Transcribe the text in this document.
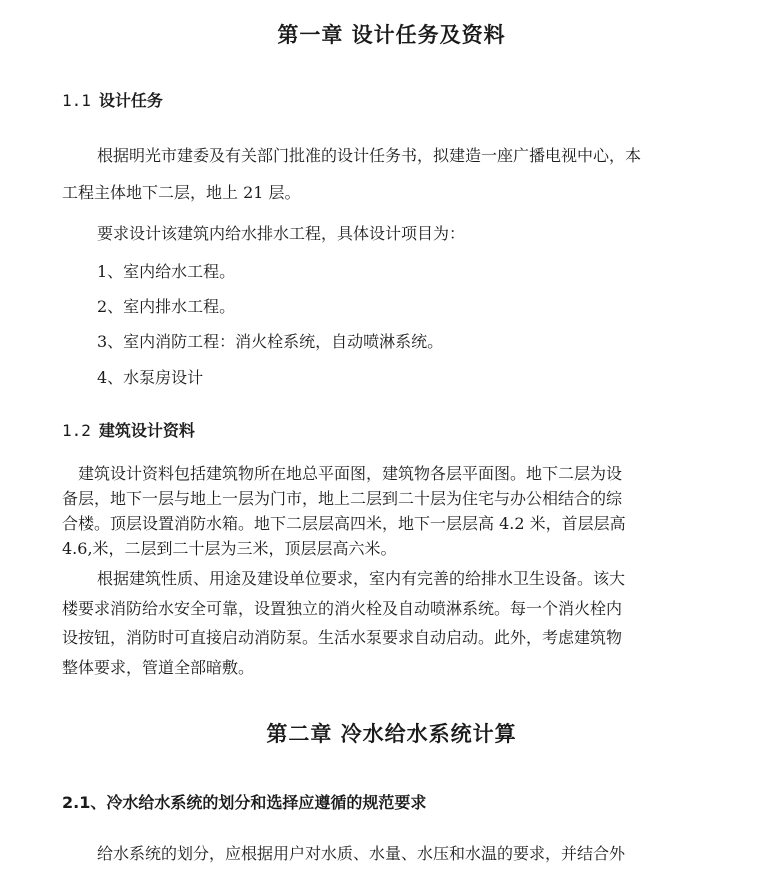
第一章 设计任务及资料
1.1 设计任务
根据明光市建委及有关部门批准的设计任务书，拟建造一座广播电视中心，本
工程主体地下二层，地上 21 层。
要求设计该建筑内给水排水工程，具体设计项目为：
1、室内给水工程。
2、室内排水工程。
3、室内消防工程：消火栓系统，自动喷淋系统。
4、水泵房设计
1.2 建筑设计资料
建筑设计资料包括建筑物所在地总平面图，建筑物各层平面图。地下二层为设
备层，地下一层与地上一层为门市，地上二层到二十层为住宅与办公相结合的综
合楼。顶层设置消防水箱。地下二层层高四米，地下一层层高 4.2 米，首层层高
4.6,米，二层到二十层为三米，顶层层高六米。
根据建筑性质、用途及建设单位要求，室内有完善的给排水卫生设备。该大
楼要求消防给水安全可靠，设置独立的消火栓及自动喷淋系统。每一个消火栓内
设按钮，消防时可直接启动消防泵。生活水泵要求自动启动。此外，考虑建筑物
整体要求，管道全部暗敷。
第二章 冷水给水系统计算
2.1、冷水给水系统的划分和选择应遵循的规范要求
给水系统的划分，应根据用户对水质、水量、水压和水温的要求，并结合外
